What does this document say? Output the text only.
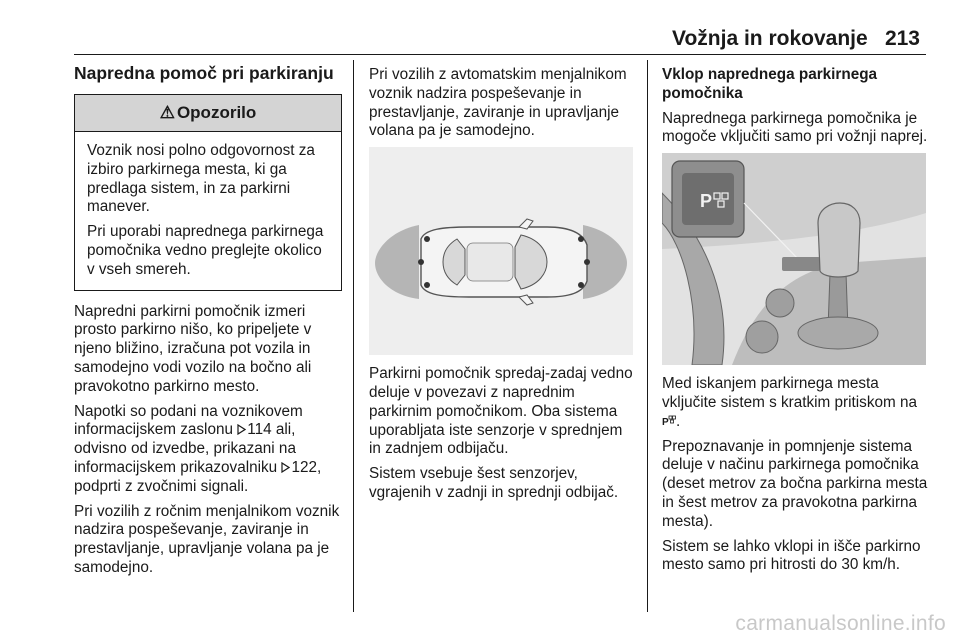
Vožnja in rokovanje 213
Napredna pomoč pri parkiranju
⚠ Opozorilo

Voznik nosi polno odgovornost za izbiro parkirnega mesta, ki ga predlaga sistem, in za parkirni manever.

Pri uporabi naprednega parkirnega pomočnika vedno preglejte okolico v vseh smereh.

Napredni parkirni pomočnik izmeri prosto parkirno nišo, ko pripeljete v njeno bližino, izračuna pot vozila in samodejno vodi vozilo na bočno ali pravokotno parkirno mesto.

Napotki so podani na voznikovem informacijskem zaslonu 114 ali, odvisno od izvedbe, prikazani na informacijskem prikazovalniku 122, podprti z zvočnimi signali.

Pri vozilih z ročnim menjalnikom voznik nadzira pospeševanje, zaviranje in prestavljanje, upravljanje volana pa je samodejno.

Pri vozilih z avtomatskim menjalnikom voznik nadzira pospeševanje in prestavljanje, zaviranje in upravljanje volana pa je samodejno.

Parkirni pomočnik spredaj-zadaj vedno deluje v povezavi z naprednim parkirnim pomočnikom. Oba sistema uporabljata iste senzorje v sprednjem in zadnjem odbijaču.

Sistem vsebuje šest senzorjev, vgrajenih v zadnji in sprednji odbijač.

Vklop naprednega parkirnega pomočnika

Naprednega parkirnega pomočnika je mogoče vključiti samo pri vožnji naprej.

P

Med iskanjem parkirnega mesta vključite sistem s kratkim pritiskom na
P .

Prepoznavanje in pomnjenje sistema deluje v načinu parkirnega pomočnika (deset metrov za bočna parkirna mesta in šest metrov za pravokotna parkirna mesta).

Sistem se lahko vklopi in išče parkirno mesto samo pri hitrosti do 30 km/h.

carmanualsonline.info
